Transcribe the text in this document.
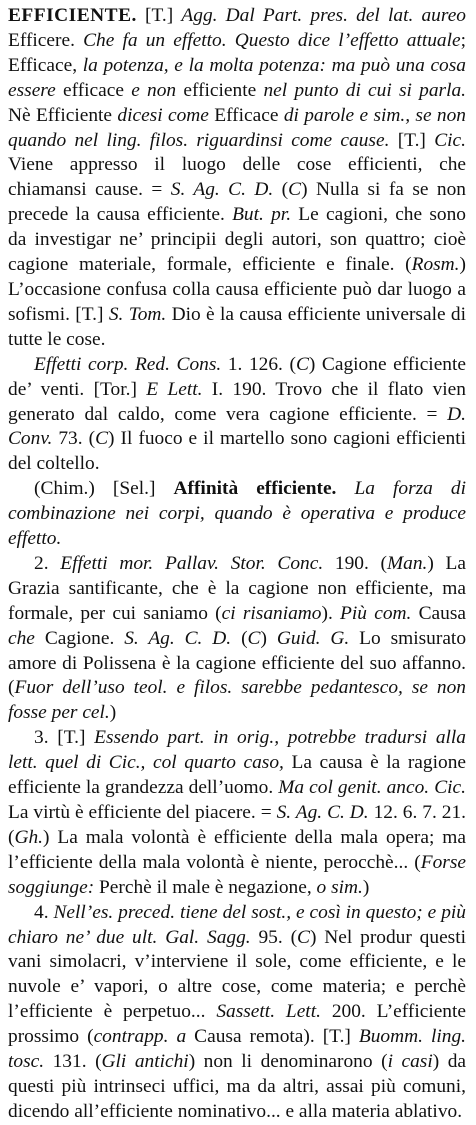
EFFICIENTE. [T.] Agg. Dal Part. pres. del lat. aureo Efficere. Che fa un effetto. Questo dice l’effetto attuale; Efficace, la potenza, e la molta potenza: ma può una cosa essere efficace e non efficiente nel punto di cui si parla. Nè Efficiente dicesi come Efficace di parole e sim., se non quando nel ling. filos. riguardinsi come cause. [T.] Cic. Viene appresso il luogo delle cose efficienti, che chiamansi cause. = S. Ag. C. D. (C) Nulla si fa se non precede la causa efficiente. But. pr. Le cagioni, che sono da investigar ne’ principii degli autori, son quattro; cioè cagione materiale, formale, efficiente e finale. (Rosm.) L’occasione confusa colla causa efficiente può dar luogo a sofismi. [T.] S. Tom. Dio è la causa efficiente universale di tutte le cose.

Effetti corp. Red. Cons. 1. 126. (C) Cagione efficiente de’ venti. [Tor.] E Lett. I. 190. Trovo che il flato vien generato dal caldo, come vera cagione efficiente. = D. Conv. 73. (C) Il fuoco e il martello sono cagioni efficienti del coltello.

(Chim.) [Sel.] Affinità efficiente. La forza di combinazione nei corpi, quando è operativa e produce effetto.

2. Effetti mor. Pallav. Stor. Conc. 190. (Man.) La Grazia santificante, che è la cagione non efficiente, ma formale, per cui saniamo (ci risaniamo). Più com. Causa che Cagione. S. Ag. C. D. (C) Guid. G. Lo smisurato amore di Polissena è la cagione efficiente del suo affanno. (Fuor dell’uso teol. e filos. sarebbe pedantesco, se non fosse per cel.)

3. [T.] Essendo part. in orig., potrebbe tradursi alla lett. quel di Cic., col quarto caso, La causa è la ragione efficiente la grandezza dell’uomo. Ma col genit. anco. Cic. La virtù è efficiente del piacere. = S. Ag. C. D. 12. 6. 7. 21. (Gh.) La mala volontà è efficiente della mala opera; ma l’efficiente della mala volontà è niente, perocchè... (Forse soggiunge: Perchè il male è negazione, o sim.)

4. Nell’es. preced. tiene del sost., e così in questo; e più chiaro ne’ due ult. Gal. Sagg. 95. (C) Nel produr questi vani simolacri, v’interviene il sole, come efficiente, e le nuvole e’ vapori, o altre cose, come materia; e perchè l’efficiente è perpetuo... Sassett. Lett. 200. L’efficiente prossimo (contrapp. a Causa remota). [T.] Buomm. ling. tosc. 131. (Gli antichi) non li denominarono (i casi) da questi più intrinseci uffici, ma da altri, assai più comuni, dicendo all’efficiente nominativo... e alla materia ablativo.
